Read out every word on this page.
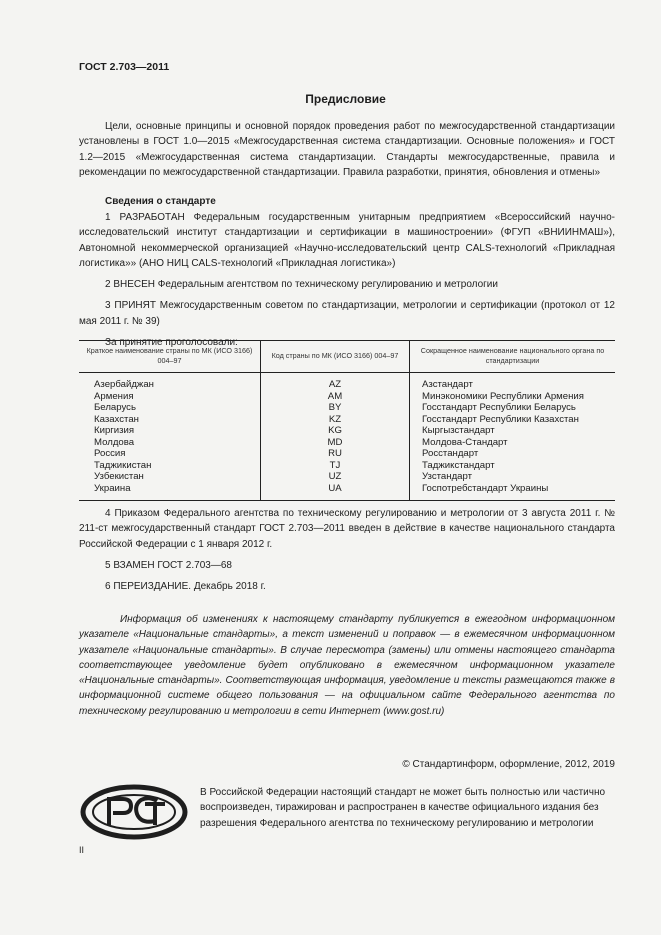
ГОСТ 2.703—2011
Предисловие

Цели, основные принципы и основной порядок проведения работ по межгосударственной стандартизации установлены в ГОСТ 1.0—2015 «Межгосударственная система стандартизации. Основные положения» и ГОСТ 1.2—2015 «Межгосударственная система стандартизации. Стандарты межгосударственные, правила и рекомендации по межгосударственной стандартизации. Правила разработки, принятия, обновления и отмены»

Сведения о стандарте

1 РАЗРАБОТАН Федеральным государственным унитарным предприятием «Всероссийский научно-исследовательский институт стандартизации и сертификации в машиностроении» (ФГУП «ВНИИНМАШ»), Автономной некоммерческой организацией «Научно-исследовательский центр CALS-технологий «Прикладная логистика»» (АНО НИЦ CALS-технологий «Прикладная логистика»)

2 ВНЕСЕН Федеральным агентством по техническому регулированию и метрологии

3 ПРИНЯТ Межгосударственным советом по стандартизации, метрологии и сертификации (протокол от 12 мая 2011 г. № 39)

За принятие проголосовали:

Краткое наименование страны по МК (ИСО 3166) 004–97	Код страны по МК (ИСО 3166) 004–97	Сокращенное наименование национального органа по стандартизации
Азербайджан	AZ	Азстандарт
Армения	AM	Минэкономики Республики Армения
Беларусь	BY	Госстандарт Республики Беларусь
Казахстан	KZ	Госстандарт Республики Казахстан
Киргизия	KG	Кыргызстандарт
Молдова	MD	Молдова-Стандарт
Россия	RU	Росстандарт
Таджикистан	TJ	Таджикстандарт
Узбекистан	UZ	Узстандарт
Украина	UA	Госпотребстандарт Украины

4 Приказом Федерального агентства по техническому регулированию и метрологии от 3 августа 2011 г. № 211-ст межгосударственный стандарт ГОСТ 2.703—2011 введен в действие в качестве национального стандарта Российской Федерации с 1 января 2012 г.

5 ВЗАМЕН ГОСТ 2.703—68

6 ПЕРЕИЗДАНИЕ. Декабрь 2018 г.

Информация об изменениях к настоящему стандарту публикуется в ежегодном информационном указателе «Национальные стандарты», а текст изменений и поправок — в ежемесячном информационном указателе «Национальные стандарты». В случае пересмотра (замены) или отмены настоящего стандарта соответствующее уведомление будет опубликовано в ежемесячном информационном указателе «Национальные стандарты». Соответствующая информация, уведомление и тексты размещаются также в информационной системе общего пользования — на официальном сайте Федерального агентства по техническому регулированию и метрологии в сети Интернет (www.gost.ru)
© Стандартинформ, оформление, 2012, 2019
В Российской Федерации настоящий стандарт не может быть полностью или частично воспроизведен, тиражирован и распространен в качестве официального издания без разрешения Федерального агентства по техническому регулированию и метрологии
II
